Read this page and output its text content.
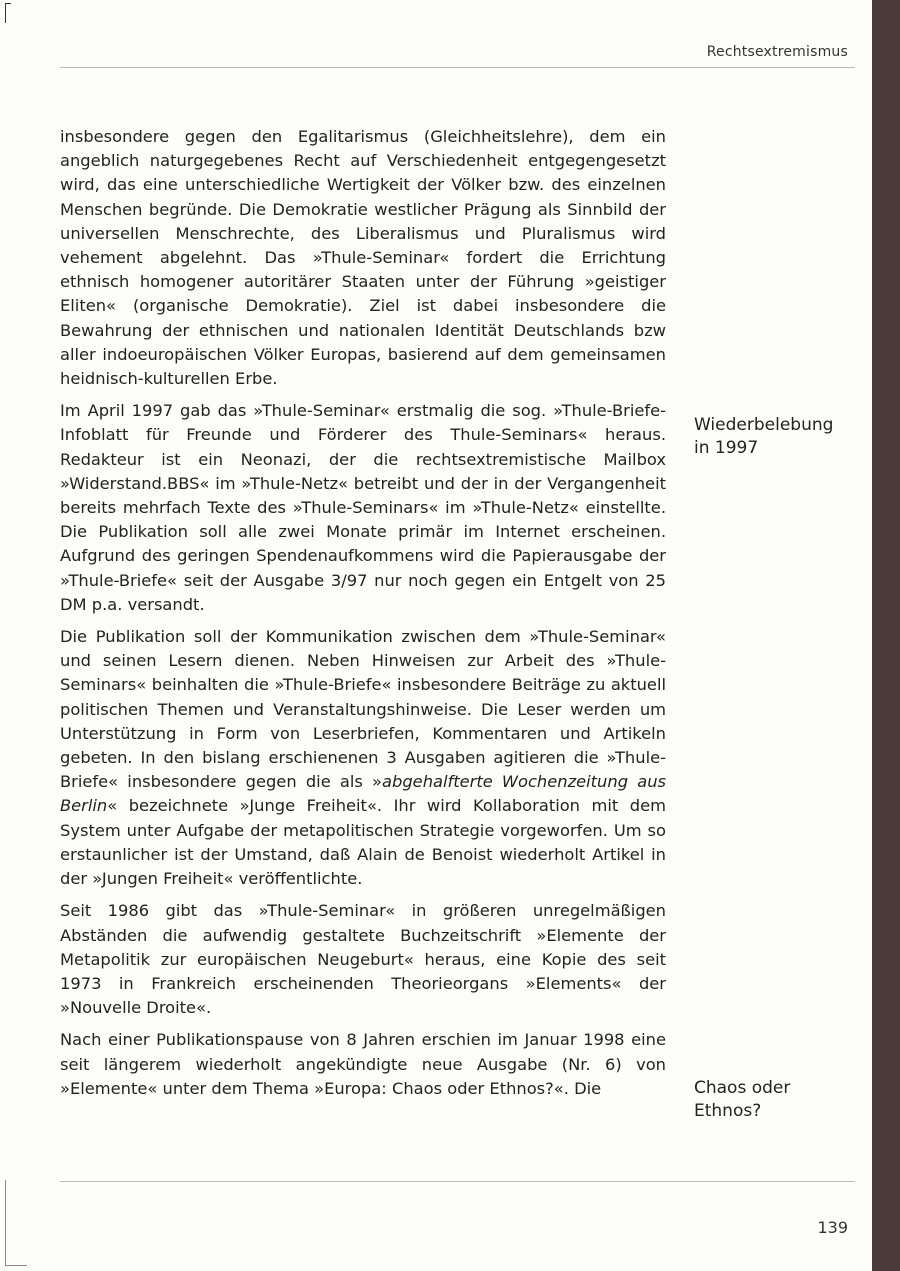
Rechtsextremismus

insbesondere gegen den Egalitarismus (Gleichheitslehre), dem ein angeblich naturgegebenes Recht auf Verschiedenheit entgegengesetzt wird, das eine unterschiedliche Wertigkeit der Völker bzw. des einzelnen Menschen begründe. Die Demokratie westlicher Prägung als Sinnbild der universellen Menschrechte, des Liberalismus und Pluralismus wird vehement abgelehnt. Das »Thule-Seminar« fordert die Errichtung ethnisch homogener autoritärer Staaten unter der Führung »geistiger Eliten« (organische Demokratie). Ziel ist dabei insbesondere die Bewahrung der ethnischen und nationalen Identität Deutschlands bzw aller indoeuropäischen Völker Europas, basierend auf dem gemeinsamen heidnisch-kulturellen Erbe.

Im April 1997 gab das »Thule-Seminar« erstmalig die sog. »Thule-Briefe-Infoblatt für Freunde und Förderer des Thule-Seminars« heraus. Redakteur ist ein Neonazi, der die rechtsextremistische Mailbox »Widerstand.BBS« im »Thule-Netz« betreibt und der in der Vergangenheit bereits mehrfach Texte des »Thule-Seminars« im »Thule-Netz« einstellte. Die Publikation soll alle zwei Monate primär im Internet erscheinen. Aufgrund des geringen Spendenaufkommens wird die Papierausgabe der »Thule-Briefe« seit der Ausgabe 3/97 nur noch gegen ein Entgelt von 25 DM p.a. versandt.

Die Publikation soll der Kommunikation zwischen dem »Thule-Seminar« und seinen Lesern dienen. Neben Hinweisen zur Arbeit des »Thule-Seminars« beinhalten die »Thule-Briefe« insbesondere Beiträge zu aktuell politischen Themen und Veranstaltungshinweise. Die Leser werden um Unterstützung in Form von Leserbriefen, Kommentaren und Artikeln gebeten. In den bislang erschienenen 3 Ausgaben agitieren die »Thule-Briefe« insbesondere gegen die als »abgehalfterte Wochenzeitung aus Berlin« bezeichnete »Junge Freiheit«. Ihr wird Kollaboration mit dem System unter Aufgabe der metapolitischen Strategie vorgeworfen. Um so erstaunlicher ist der Umstand, daß Alain de Benoist wiederholt Artikel in der »Jungen Freiheit« veröffentlichte.

Seit 1986 gibt das »Thule-Seminar« in größeren unregelmäßigen Abständen die aufwendig gestaltete Buchzeitschrift »Elemente der Metapolitik zur europäischen Neugeburt« heraus, eine Kopie des seit 1973 in Frankreich erscheinenden Theorieorgans »Elements« der »Nouvelle Droite«.

Nach einer Publikationspause von 8 Jahren erschien im Januar 1998 eine seit längerem wiederholt angekündigte neue Ausgabe (Nr. 6) von »Elemente« unter dem Thema »Europa: Chaos oder Ethnos?«. Die

Wiederbelebung
in 1997
Chaos oder
Ethnos?
139
